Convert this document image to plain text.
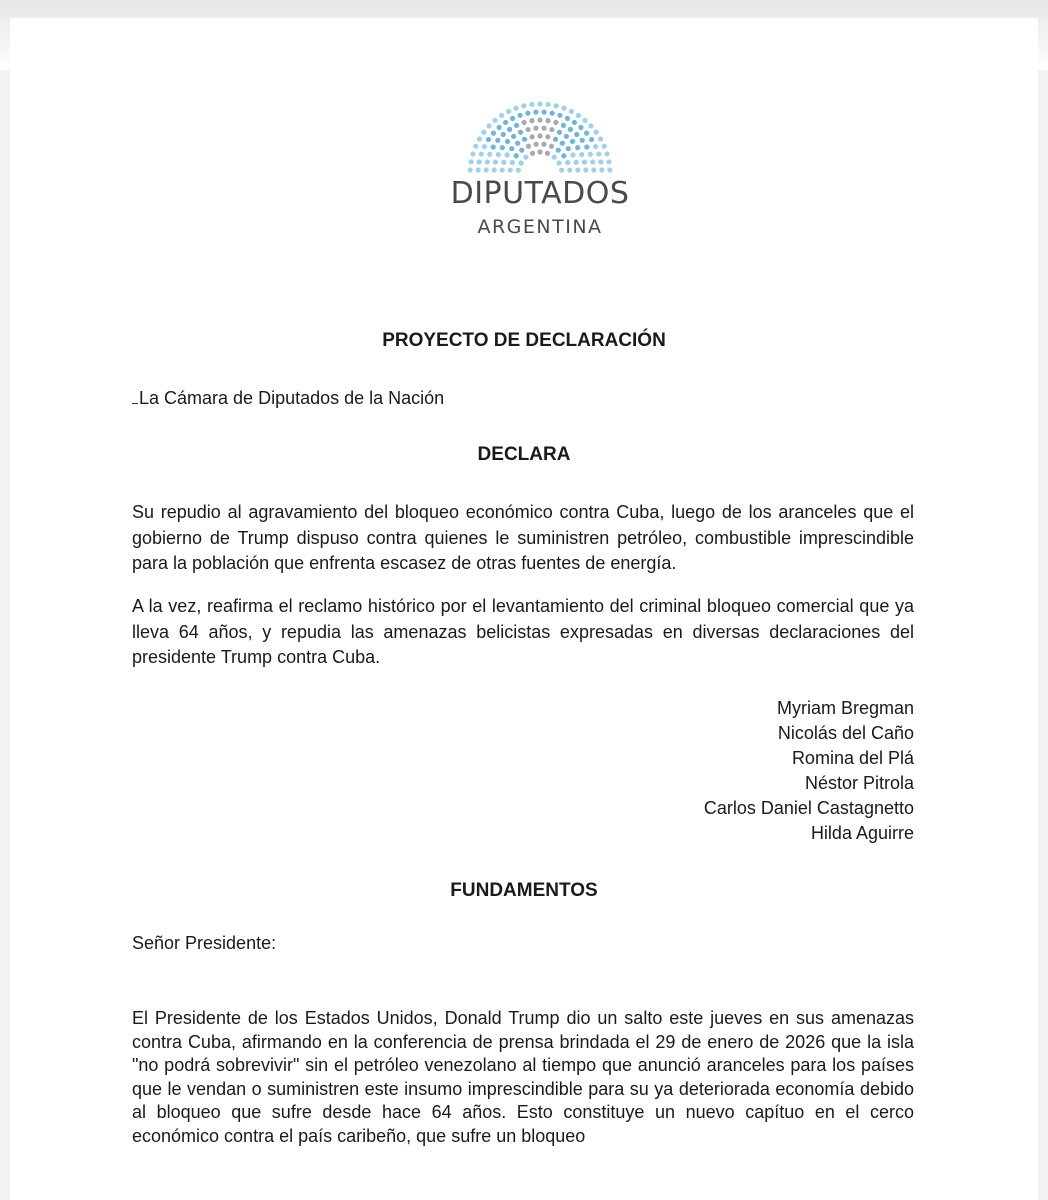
DIPUTADOS
ARGENTINA
PROYECTO DE DECLARACIÓN
La Cámara de Diputados de la Nación
DECLARA
Su repudio al agravamiento del bloqueo económico contra Cuba, luego de los aranceles que el gobierno de Trump dispuso contra quienes le suministren petróleo, combustible imprescindible para la población que enfrenta escasez de otras fuentes de energía.
A la vez, reafirma el reclamo histórico por el levantamiento del criminal bloqueo comercial que ya lleva 64 años, y repudia las amenazas belicistas expresadas en diversas declaraciones del presidente Trump contra Cuba.
Myriam Bregman
Nicolás del Caño
Romina del Plá
Néstor Pitrola
Carlos Daniel Castagnetto
Hilda Aguirre
FUNDAMENTOS
Señor Presidente:
El Presidente de los Estados Unidos, Donald Trump dio un salto este jueves en sus amenazas contra Cuba, afirmando en la conferencia de prensa brindada el 29 de enero de 2026 que la isla "no podrá sobrevivir" sin el petróleo venezolano al tiempo que anunció aranceles para los países que le vendan o suministren este insumo imprescindible para su ya deteriorada economía debido al bloqueo que sufre desde hace 64 años. Esto constituye un nuevo capítuo en el cerco económico contra el país caribeño, que sufre un bloqueo
